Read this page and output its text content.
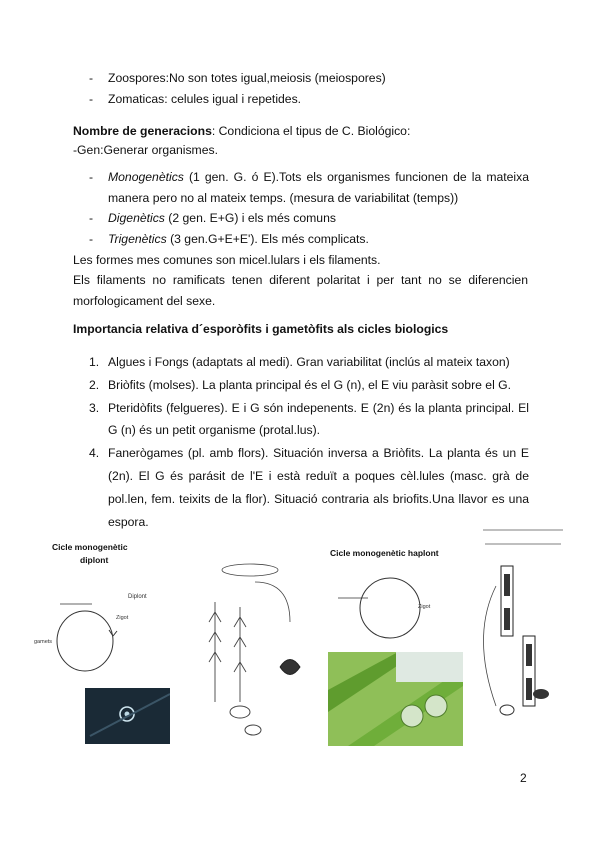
- Zoospores:No son totes igual,meiosis (meiospores)
- Zomaticas: celules igual i repetides.
Nombre de generacions: Condiciona el tipus de C. Biológico:
-Gen:Generar organismes.
- Monogenètics (1 gen. G. ó E).Tots els organismes funcionen de la mateixa manera pero no al mateix temps. (mesura de variabilitat (temps))
- Digenètics (2 gen. E+G) i els més comuns
- Trigenètics (3 gen.G+E+E'). Els més complicats.
Les formes mes comunes son micel.lulars i els filaments.
Els filaments no ramificats tenen diferent polaritat i per tant no se diferencien morfologicament del sexe.
Importancia relativa d´esporòfits i gametòfits als cicles biologics
1. Algues i Fongs (adaptats al medi). Gran variabilitat (inclús al mateix taxon)
2. Briòfits (molses). La planta principal és el G (n), el E viu paràsit sobre el G.
3. Pteridòfits (felgueres). E i G són indepenents. E (2n) és la planta principal. El G (n) és un petit organisme (protal.lus).
4. Fanerògames (pl. amb flors). Situación inversa a Briòfits. La planta és un E (2n). El G és parásit de l'E i està reduït a poques cèl.lules (masc. grà de pol.len, fem. teixits de la flor). Situació contraria als briofits.Una llavor es una espora.
Cicle monogenètic
diplont
gamets
Zigot
Diplont
Cicle monogenètic haplont
Zigot
2
